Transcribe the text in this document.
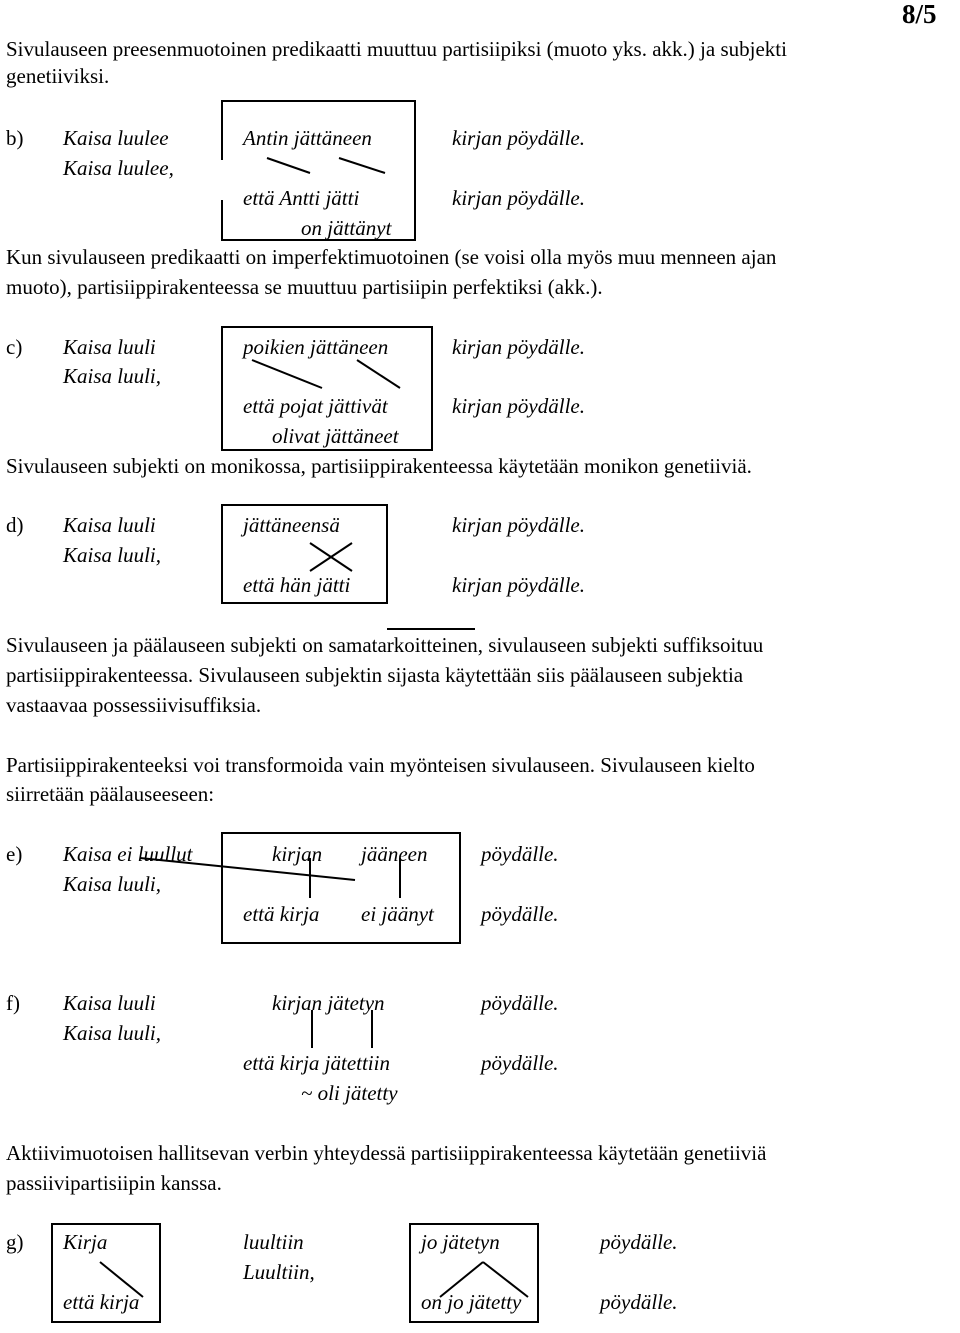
8/5
Sivulauseen preesenmuotoinen predikaatti muuttuu partisiipiksi (muoto yks. akk.) ja subjekti
genetiiviksi.
b) Kaisa luulee	Antin jättäneen	kirjan pöydälle.
Kaisa luulee,
että Antti jätti	kirjan pöydälle.
on jättänyt
Kun sivulauseen predikaatti on imperfektimuotoinen (se voisi olla myös muu menneen ajan
muoto), partisiippirakenteessa se muuttuu partisiipin perfektiksi (akk.).
c) Kaisa luuli	poikien jättäneen	kirjan pöydälle.
Kaisa luuli,
että pojat jättivät	kirjan pöydälle.
olivat jättäneet
Sivulauseen subjekti on monikossa, partisiippirakenteessa käytetään monikon genetiiviä.
d) Kaisa luuli	jättäneensä	kirjan pöydälle.
Kaisa luuli,
että hän jätti	kirjan pöydälle.
Sivulauseen ja päälauseen subjekti on samatarkoitteinen, sivulauseen subjekti suffiksoituu
partisiippirakenteessa. Sivulauseen subjektin sijasta käytettään siis päälauseen subjektia
vastaavaa possessiivisuffiksia.
Partisiippirakenteeksi voi transformoida vain myönteisen sivulauseen. Sivulauseen kielto
siirretään päälauseeseen:
e) Kaisa ei luullut	kirjan jääneen	pöydälle.
Kaisa luuli,
että kirja ei jäänyt pöydälle.
f) Kaisa luuli	kirjan jätetyn	pöydälle.
Kaisa luuli,
että kirja jätettiin	pöydälle.
~ oli jätetty
Aktiivimuotoisen hallitsevan verbin yhteydessä partisiippirakenteessa käytetään genetiiviä
passiivipartisiipin kanssa.
g) Kirja	luultiin	jo jätetyn	pöydälle.
Luultiin,
että kirja	on jo jätetty	pöydälle.
